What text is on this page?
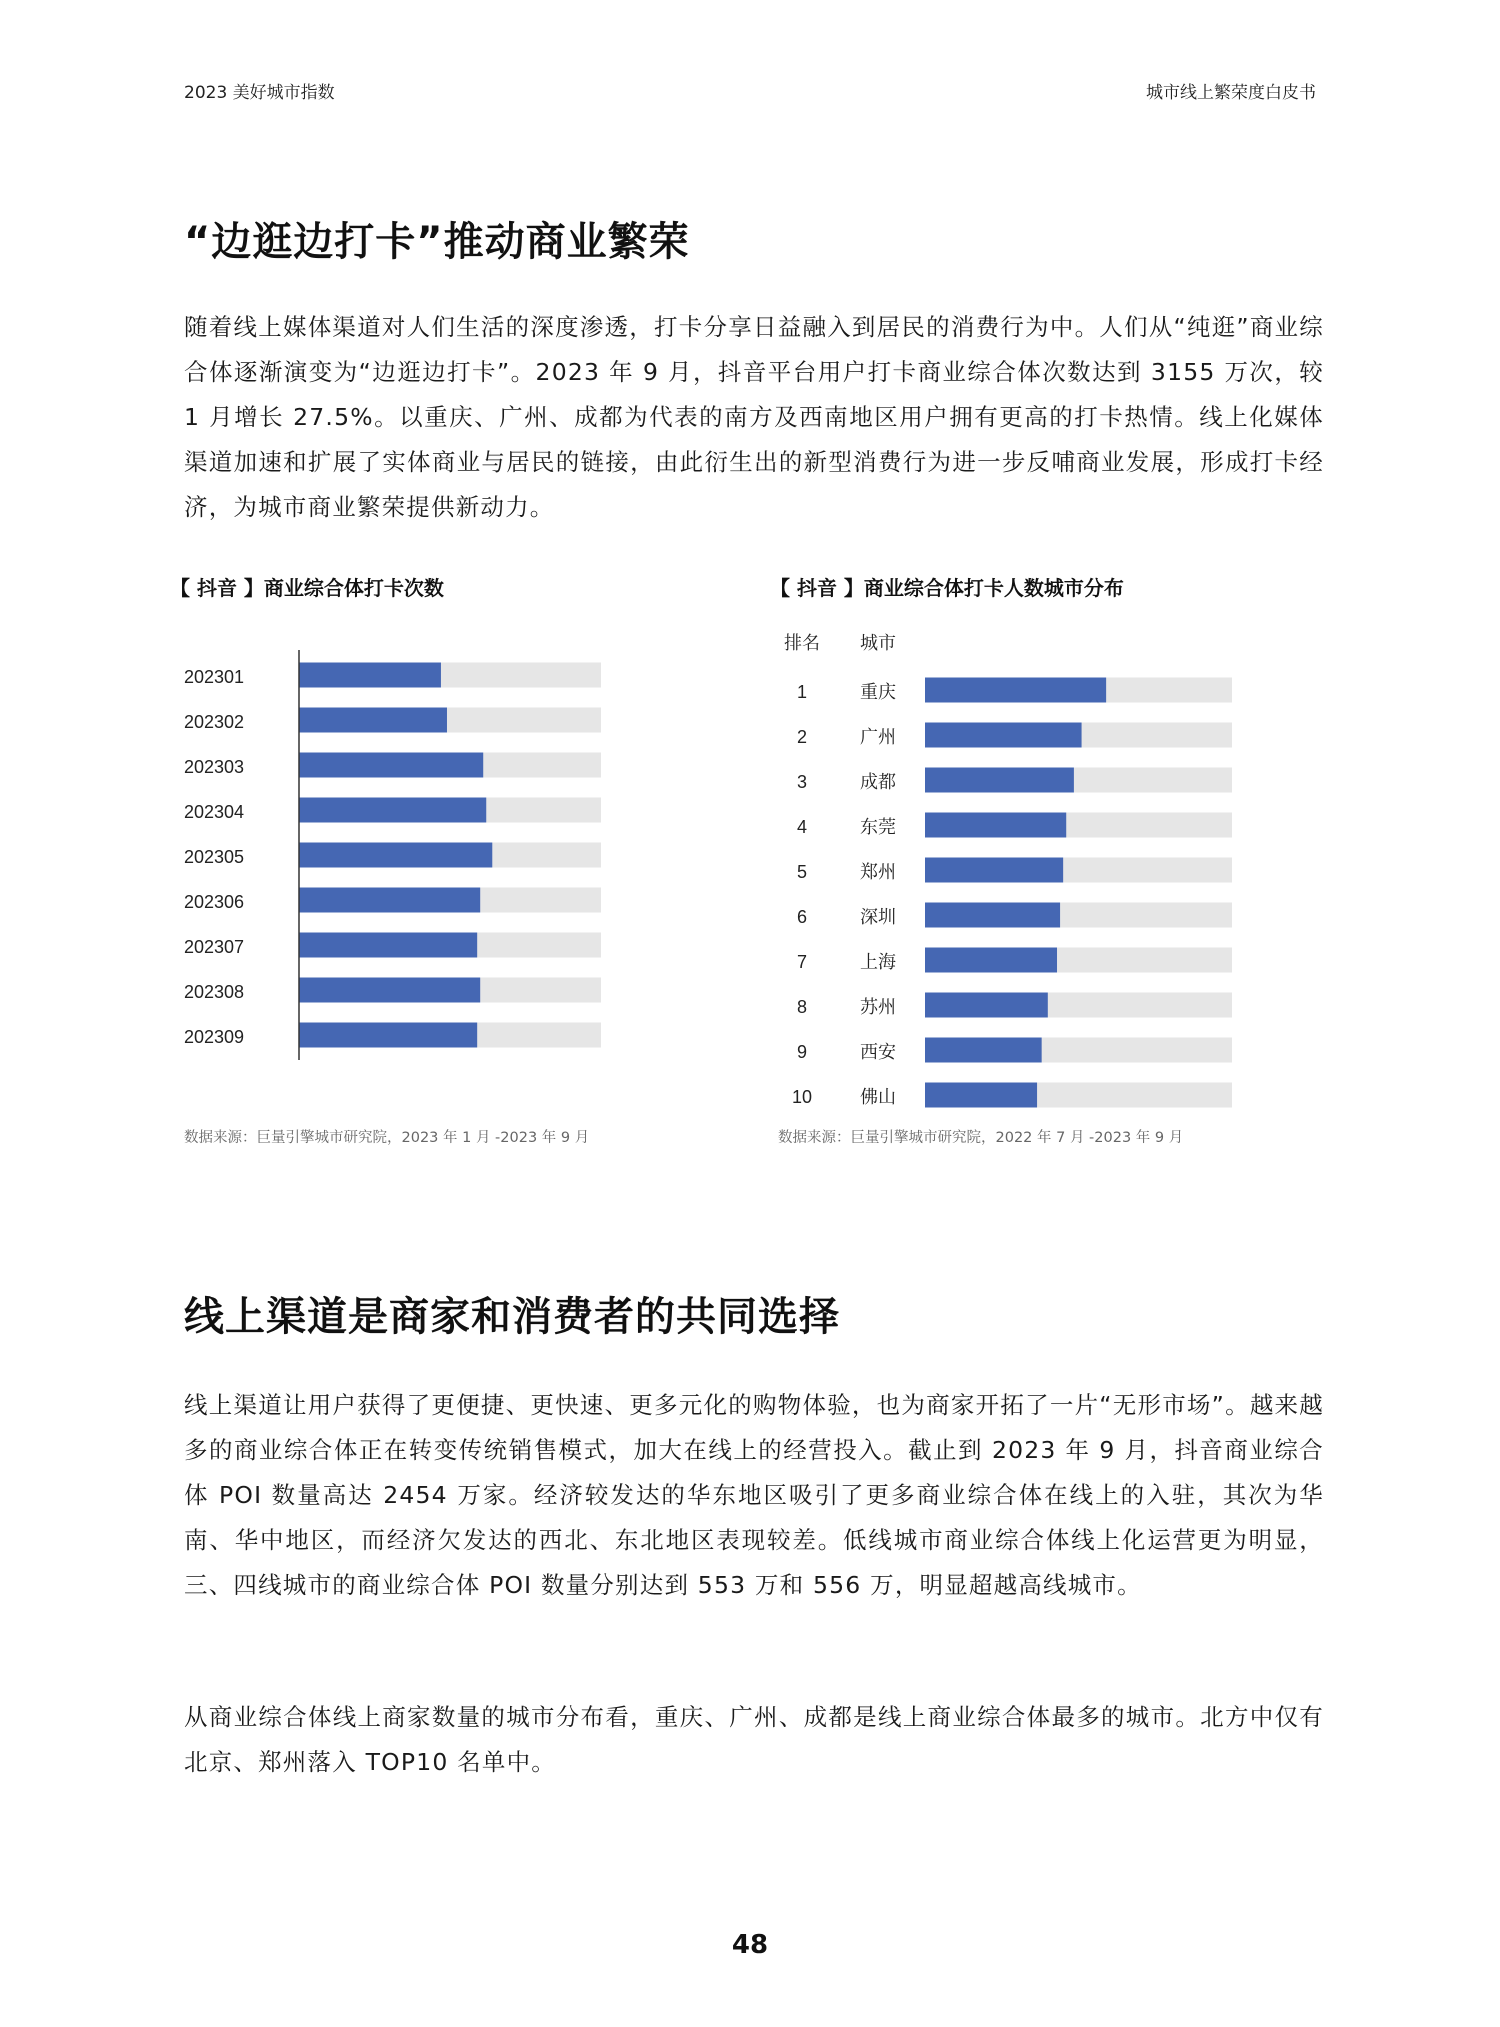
2023 美好城市指数	城市线上繁荣度白皮书
“边逛边打卡”推动商业繁荣

随着线上媒体渠道对人们生活的深度渗透，打卡分享日益融入到居民的消费行为中。人们从“纯逛”商业综合体逐渐演变为“边逛边打卡”。2023 年 9 月，抖音平台用户打卡商业综合体次数达到 3155 万次，较 1 月增长 27.5%。以重庆、广州、成都为代表的南方及西南地区用户拥有更高的打卡热情。线上化媒体渠道加速和扩展了实体商业与居民的链接，由此衍生出的新型消费行为进一步反哺商业发展，形成打卡经济，为城市商业繁荣提供新动力。

【 抖音 】商业综合体打卡次数
202301
202302
202303
202304
202305
202306
202307
202308
202309
数据来源：巨量引擎城市研究院，2023 年 1 月 -2023 年 9 月
【 抖音 】商业综合体打卡人数城市分布
排名 城市
1	重庆
2	广州
3	成都
4	东莞
5	郑州
6	深圳
7	上海
8	苏州
9	西安
10	佛山
数据来源：巨量引擎城市研究院，2022 年 7 月 -2023 年 9 月
线上渠道是商家和消费者的共同选择

线上渠道让用户获得了更便捷、更快速、更多元化的购物体验，也为商家开拓了一片“无形市场”。越来越多的商业综合体正在转变传统销售模式，加大在线上的经营投入。截止到 2023 年 9 月，抖音商业综合体 POI 数量高达 2454 万家。经济较发达的华东地区吸引了更多商业综合体在线上的入驻，其次为华南、华中地区，而经济欠发达的西北、东北地区表现较差。低线城市商业综合体线上化运营更为明显，三、四线城市的商业综合体 POI 数量分别达到 553 万和 556 万，明显超越高线城市。

从商业综合体线上商家数量的城市分布看，重庆、广州、成都是线上商业综合体最多的城市。北方中仅有北京、郑州落入 TOP10 名单中。

48
